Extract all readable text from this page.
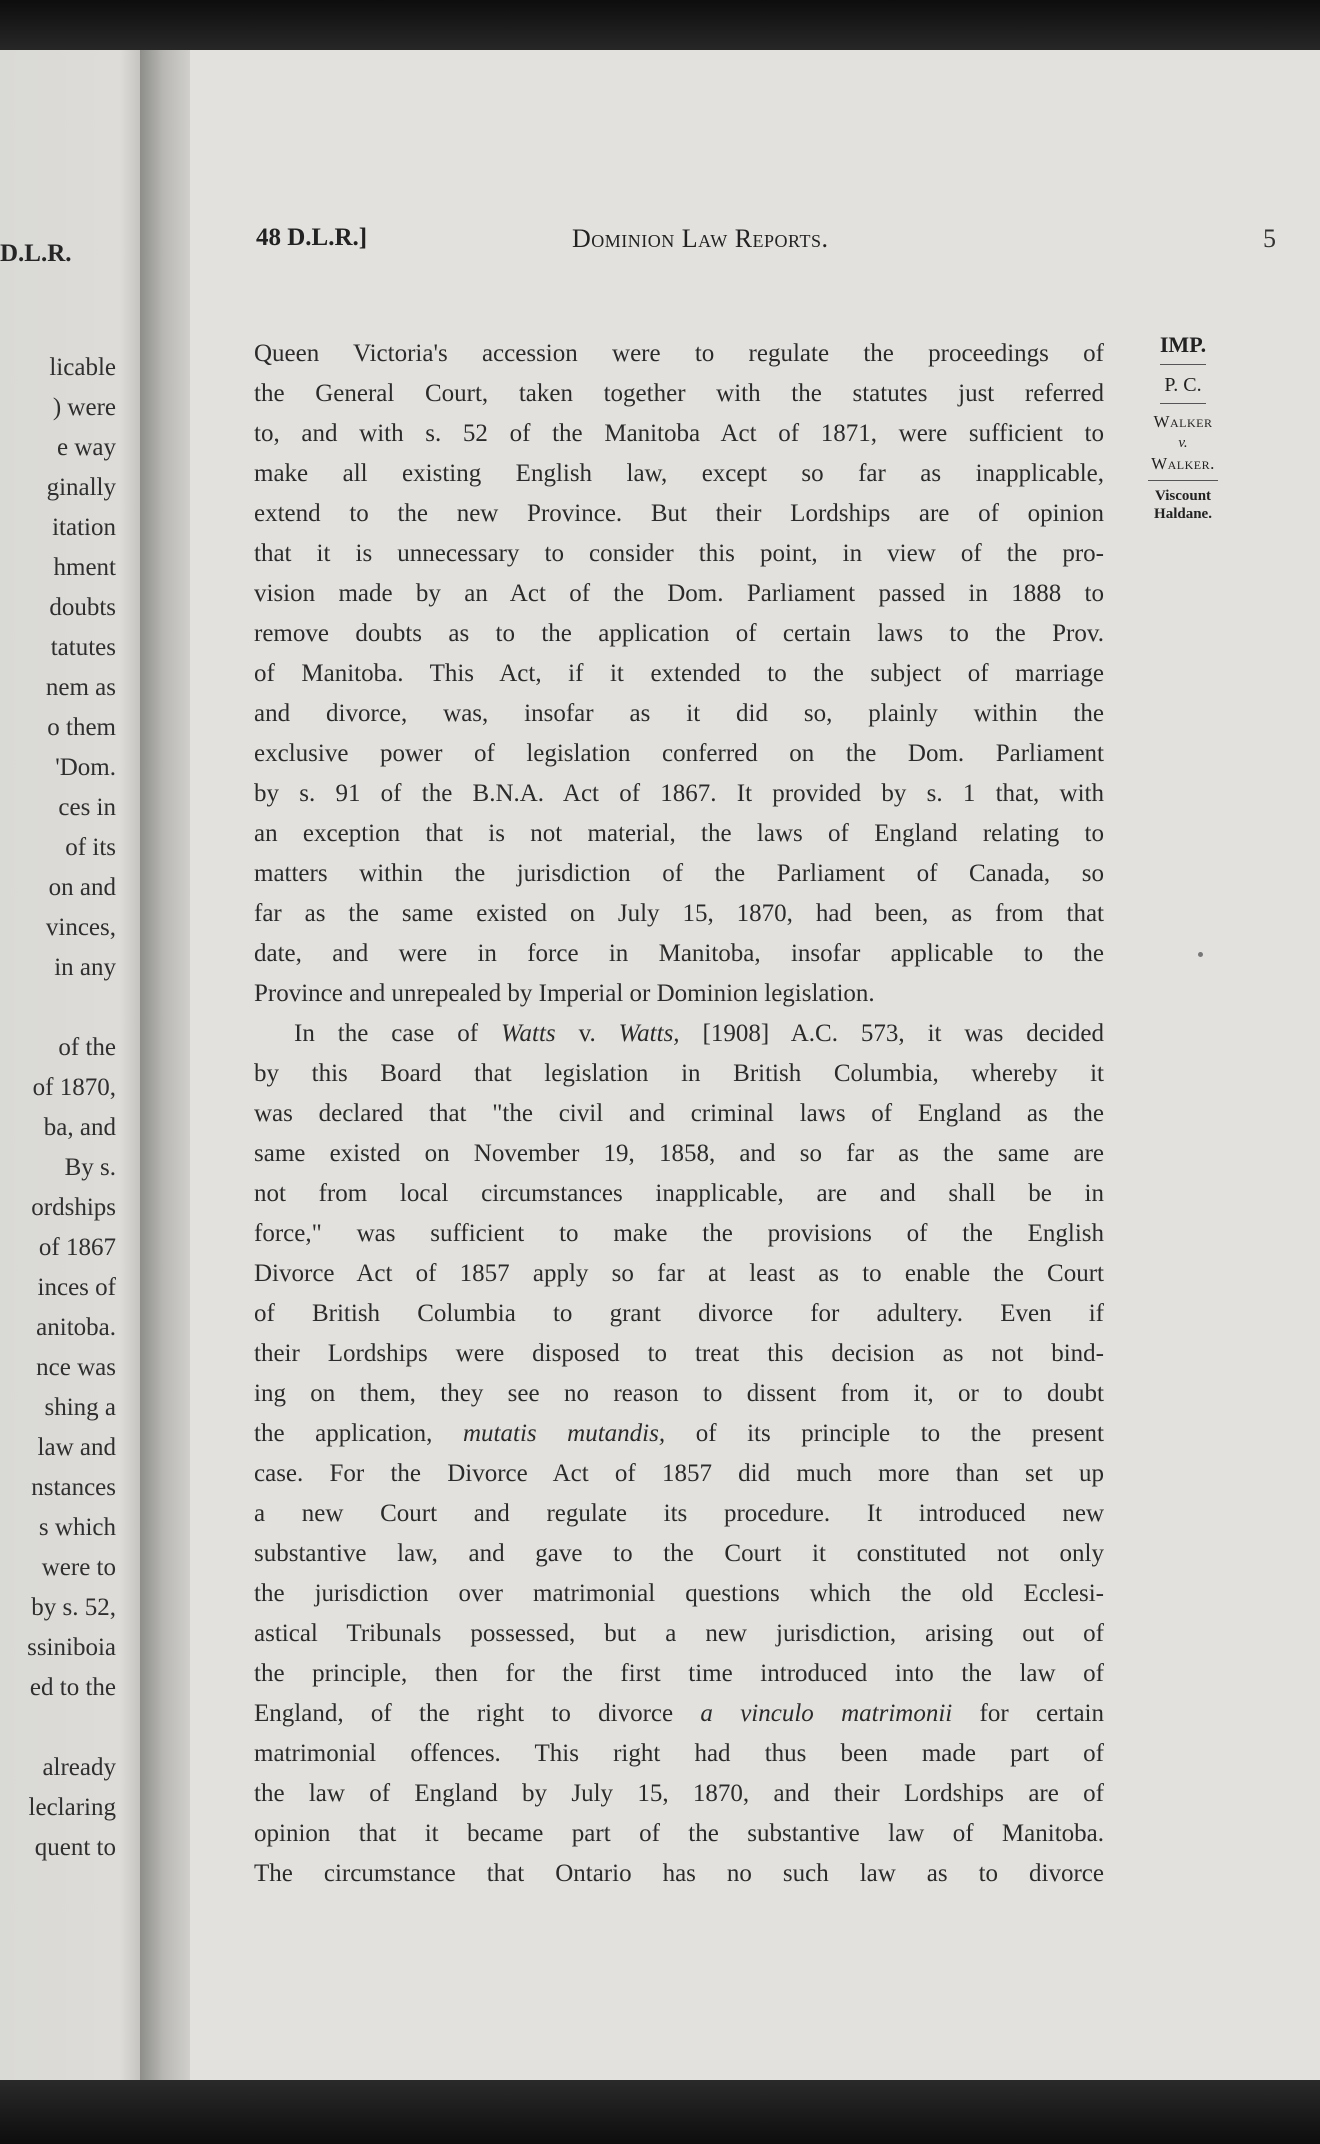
D.L.R.
licable
) were
e way
ginally
itation
hment
doubts
tatutes
nem as
o them
'Dom.
ces in
of its
on and
vinces,
in any
of the
of 1870,
ba, and
By s.
ordships
of 1867
inces of
anitoba.
nce was
shing a
law and
nstances
s which
were to
by s. 52,
ssiniboia
ed to the
already
leclaring
quent to
48 D.L.R.]	Dominion Law Reports.	5
IMP.
P. C.
Walker
v.
Walker.
Viscount
Haldane.
Queen Victoria's accession were to regulate the proceedings of
the General Court, taken together with the statutes just referred
to, and with s. 52 of the Manitoba Act of 1871, were sufficient to
make all existing English law, except so far as inapplicable,
extend to the new Province. But their Lordships are of opinion
that it is unnecessary to consider this point, in view of the pro-
vision made by an Act of the Dom. Parliament passed in 1888 to
remove doubts as to the application of certain laws to the Prov.
of Manitoba. This Act, if it extended to the subject of marriage
and divorce, was, insofar as it did so, plainly within the
exclusive power of legislation conferred on the Dom. Parliament
by s. 91 of the B.N.A. Act of 1867. It provided by s. 1 that, with
an exception that is not material, the laws of England relating to
matters within the jurisdiction of the Parliament of Canada, so
far as the same existed on July 15, 1870, had been, as from that
date, and were in force in Manitoba, insofar applicable to the
Province and unrepealed by Imperial or Dominion legislation.
In the case of Watts v. Watts, [1908] A.C. 573, it was decided
by this Board that legislation in British Columbia, whereby it
was declared that "the civil and criminal laws of England as the
same existed on November 19, 1858, and so far as the same are
not from local circumstances inapplicable, are and shall be in
force," was sufficient to make the provisions of the English
Divorce Act of 1857 apply so far at least as to enable the Court
of British Columbia to grant divorce for adultery. Even if
their Lordships were disposed to treat this decision as not bind-
ing on them, they see no reason to dissent from it, or to doubt
the application, mutatis mutandis, of its principle to the present
case. For the Divorce Act of 1857 did much more than set up
a new Court and regulate its procedure. It introduced new
substantive law, and gave to the Court it constituted not only
the jurisdiction over matrimonial questions which the old Ecclesi-
astical Tribunals possessed, but a new jurisdiction, arising out of
the principle, then for the first time introduced into the law of
England, of the right to divorce a vinculo matrimonii for certain
matrimonial offences. This right had thus been made part of
the law of England by July 15, 1870, and their Lordships are of
opinion that it became part of the substantive law of Manitoba.
The circumstance that Ontario has no such law as to divorce
